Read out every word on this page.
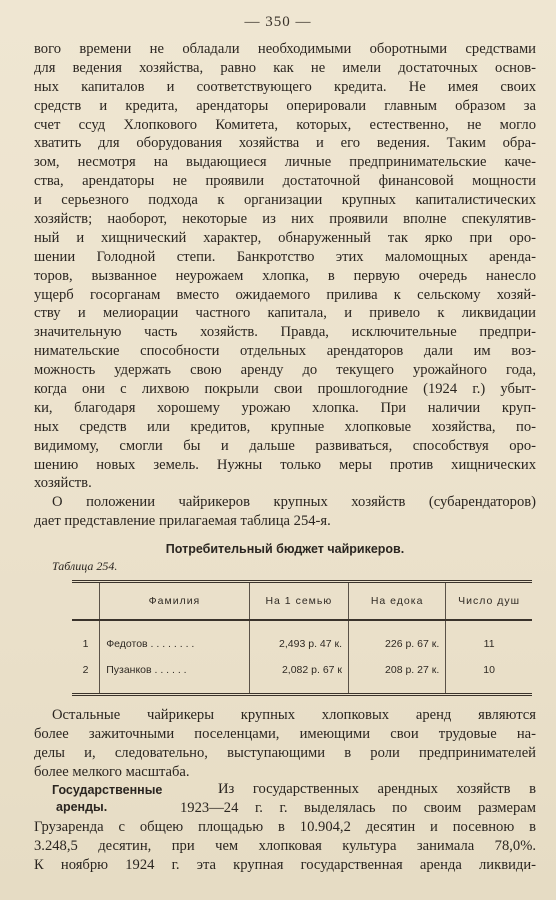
— 350 —
вого времени не обладали необходимыми оборотными средствами
для ведения хозяйства, равно как не имели достаточных основ-
ных капиталов и соответствующего кредита. Не имея своих
средств и кредита, арендаторы оперировали главным образом за
счет ссуд Хлопкового Комитета, которых, естественно, не могло
хватить для оборудования хозяйства и его ведения. Таким обра-
зом, несмотря на выдающиеся личные предпринимательские каче-
ства, арендаторы не проявили достаточной финансовой мощности
и серьезного подхода к организации крупных капиталистических
хозяйств; наоборот, некоторые из них проявили вполне спекулятив-
ный и хищнический характер, обнаруженный так ярко при оро-
шении Голодной степи. Банкротство этих маломощных аренда-
торов, вызванное неурожаем хлопка, в первую очередь нанесло
ущерб госорганам вместо ожидаемого прилива к сельскому хозяй-
ству и мелиорации частного капитала, и привело к ликвидации
значительную часть хозяйств. Правда, исключительные предпри-
нимательские способности отдельных арендаторов дали им воз-
можность удержать свою аренду до текущего урожайного года,
когда они с лихвою покрыли свои прошлогодние (1924 г.) убыт-
ки, благодаря хорошему урожаю хлопка. При наличии круп-
ных средств или кредитов, крупные хлопковые хозяйства, по-
видимому, смогли бы и дальше развиваться, способствуя оро-
шению новых земель. Нужны только меры против хищнических
хозяйств.
О положении чайрикеров крупных хозяйств (субарендаторов)
дает представление прилагаемая таблица 254-я.
Потребительный бюджет чайрикеров.
Таблица 254.
	Фамилия	На 1 семью	На едока	Число душ
1	Федотов . . . . . . . .	2,493 р. 47 к.	226 р. 67 к.	11
2	Пузанков . . . . . .	2,082 р. 67 к	208 р. 27 к.	10
Остальные чайрикеры крупных хлопковых аренд являются
более зажиточными поселенцами, имеющими свои трудовые на-
делы и, следовательно, выступающими в роли предпринимателей
более мелкого масштаба.
Государственные
аренды.
Из государственных арендных хозяйств в
1923—24 г. г. выделялась по своим размерам
Грузаренда с общею площадью в 10.904,2 десятин и посевною в
3.248,5 десятин, при чем хлопковая культура занимала 78,0%.
К ноябрю 1924 г. эта крупная государственная аренда ликвиди-
